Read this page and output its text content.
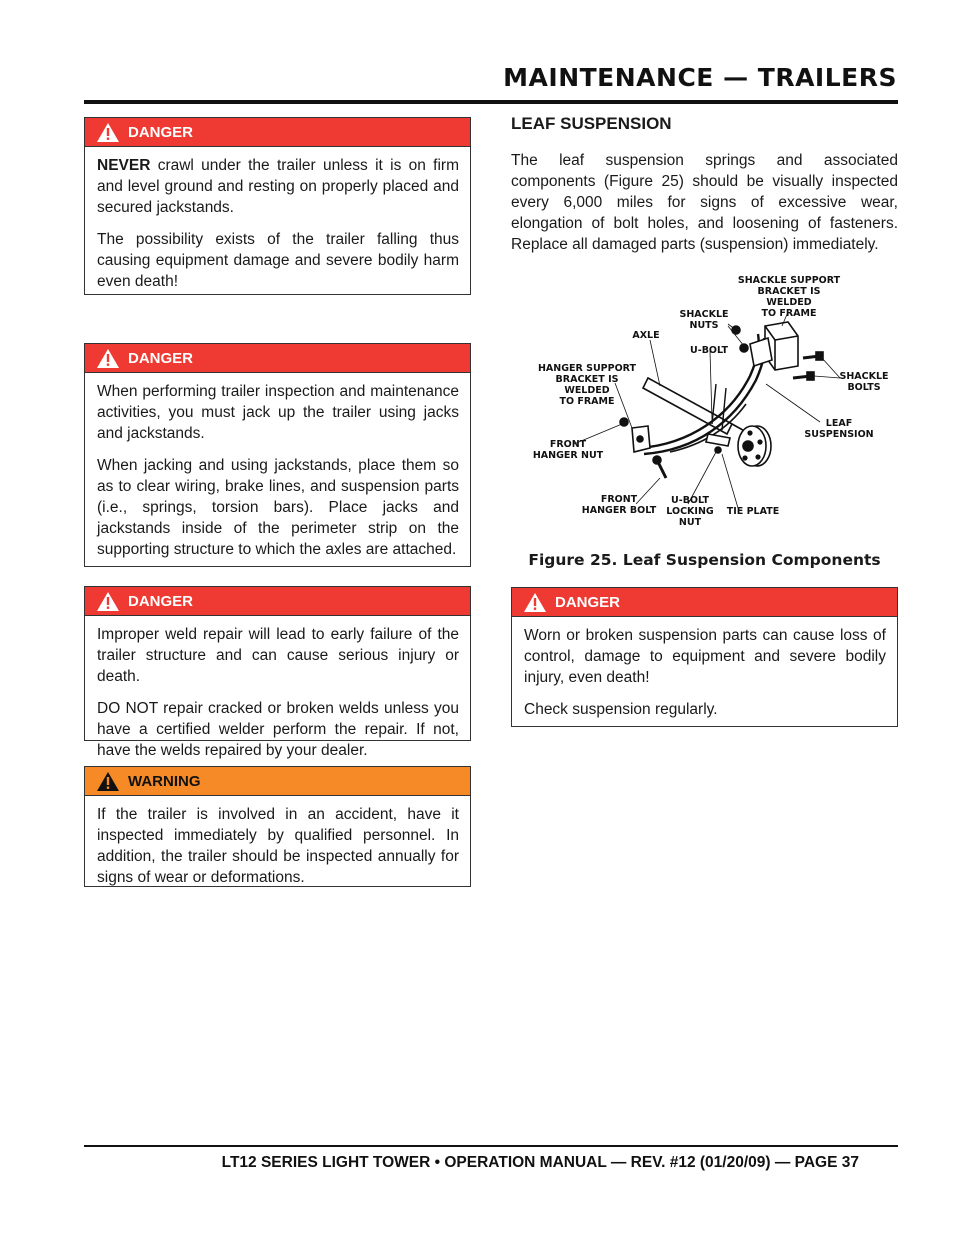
MAINTENANCE — TRAILERS
DANGER

NEVER crawl under the trailer unless it is on firm and level ground and resting on properly placed and secured jackstands.

The possibility exists of the trailer falling thus causing equipment damage and severe bodily harm even death!

DANGER

When performing trailer inspection and maintenance activities, you must jack up the trailer using jacks and jackstands.

When jacking and using jackstands, place them so as to clear wiring, brake lines, and suspension parts (i.e., springs, torsion bars). Place jacks and jackstands inside of the perimeter strip on the supporting structure to which the axles are attached.

DANGER

Improper weld repair will lead to early failure of the trailer structure and can cause serious injury or death.

DO NOT repair cracked or broken welds unless you have a certified welder perform the repair. If not, have the welds repaired by your dealer.

WARNING

If the trailer is involved in an accident, have it inspected immediately by qualified personnel. In addition, the trailer should be inspected annually for signs of wear or deformations.

LEAF SUSPENSION

The leaf suspension springs and associated components (Figure 25) should be visually inspected every 6,000 miles for signs of excessive wear, elongation of bolt holes, and loosening of fasteners. Replace all damaged parts (suspension) immediately.

SHACKLE SUPPORT
BRACKET IS WELDED
TO FRAME
SHACKLE
NUTS
AXLE
U-BOLT
HANGER SUPPORT
BRACKET IS WELDED
TO FRAME
SHACKLE
BOLTS
LEAF
SUSPENSION
FRONT
HANGER NUT
FRONT
HANGER BOLT
U-BOLT
LOCKING
NUT
TIE PLATE
Figure 25. Leaf Suspension Components
DANGER

Worn or broken suspension parts can cause loss of control, damage to equipment and severe bodily injury, even death!

Check suspension regularly.

LT12 SERIES LIGHT TOWER • OPERATION MANUAL — REV. #12 (01/20/09) — PAGE 37
